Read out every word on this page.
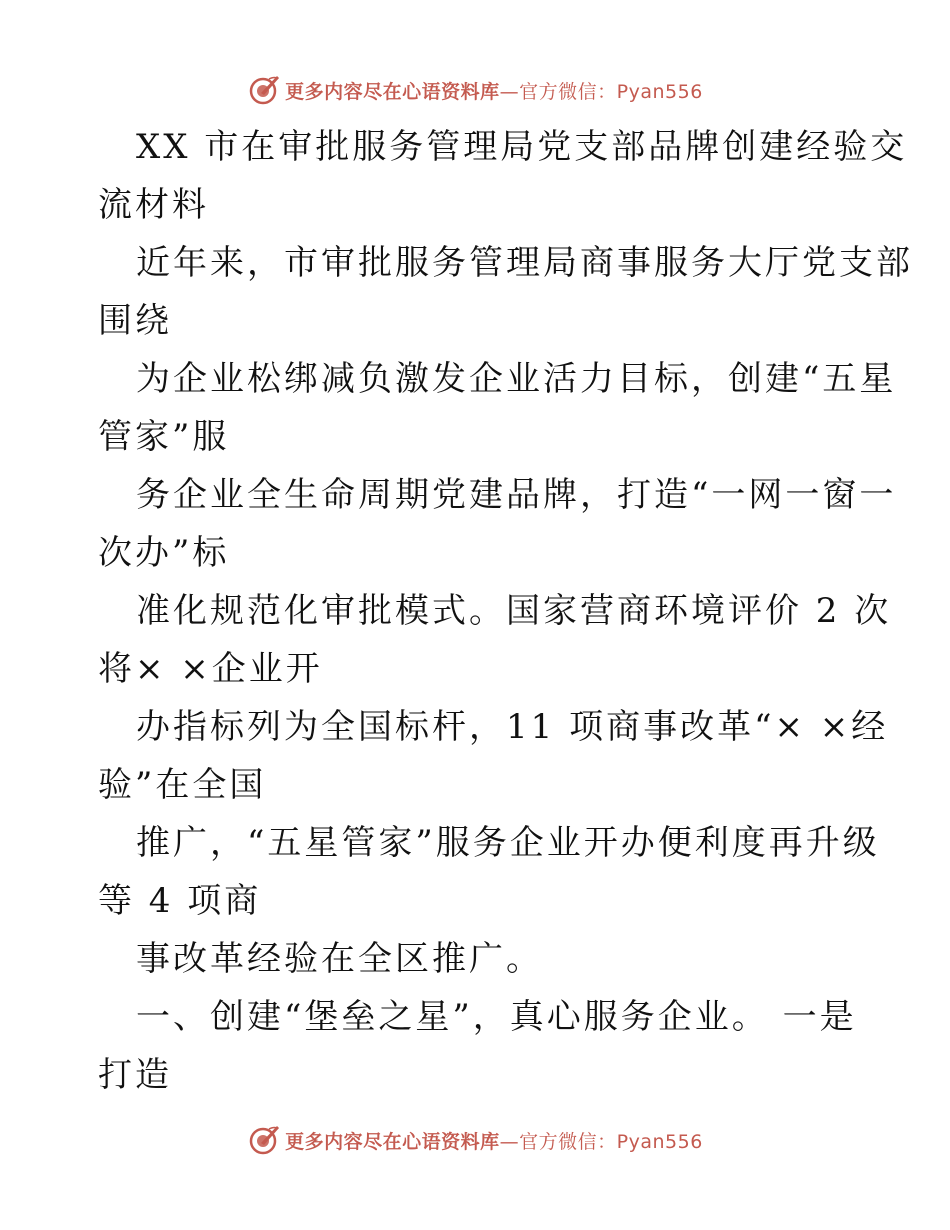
更多内容尽在心语资料库—官方微信：Pyan556
XX 市在审批服务管理局党支部品牌创建经验交
流材料
近年来，市审批服务管理局商事服务大厅党支部
围绕
为企业松绑减负激发企业活力目标，创建“五星
管家”服
务企业全生命周期党建品牌，打造“一网一窗一
次办”标
准化规范化审批模式。国家营商环境评价 2 次
将× ×企业开
办指标列为全国标杆，11 项商事改革“× ×经
验”在全国
推广，“五星管家”服务企业开办便利度再升级
等 4 项商
事改革经验在全区推广。
一、创建“堡垒之星”，真心服务企业。 一是
打造
更多内容尽在心语资料库—官方微信：Pyan556
